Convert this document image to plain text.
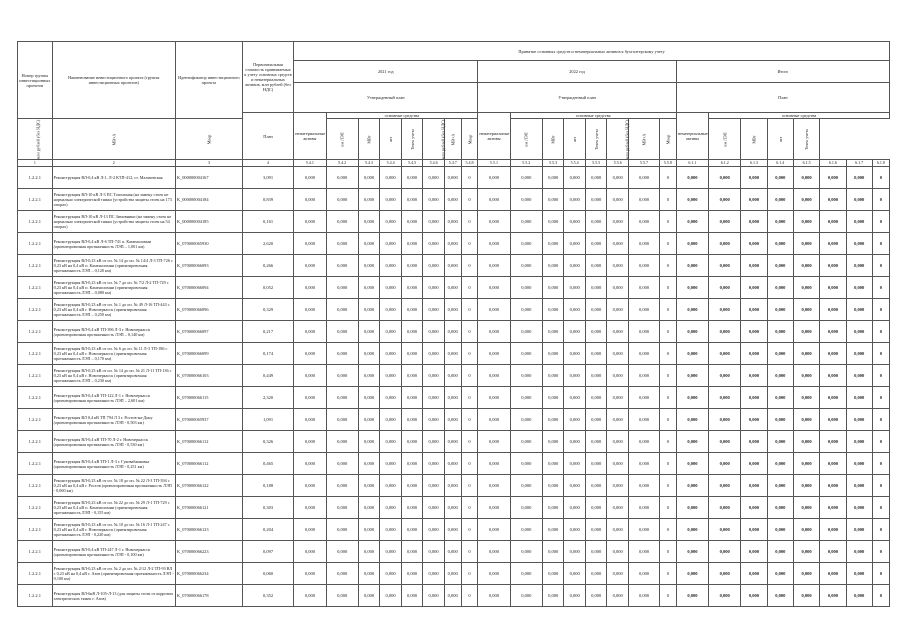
Номер группы инвестиционных проектов	Наименование инвестиционного проекта (группы инвестиционных проектов)	Идентификатор инвестиционного проекта	Первоначальная стоимость принимаемых к учету основных средств и нематериальных активов, млн рублей (без НДС)	Принятие основных средств и нематериальных активов к бухгалтерскому учету																							
				2021 год								2022 год								Итого							
				Утвержденный план								Утвержденный план								План							
			План	нематериальные активы	основные средства							нематериальные активы	основные средства							нематериальные активы	основные средства						
млн рублей (без НДС)	МВ×А	Мвар			км ЛЭП	МВт	шт	Точек учета	млн рублей (без НДС)	МВ×А	Мвар		км ЛЭП	МВт	шт	Точек учета	млн рублей (без НДС)	МВ×А	Мвар		км ЛЭП	МВт	шт	Точек учета			
1	2	3	4	5.4.1	5.4.2	5.4.3	5.4.4	5.4.5	5.4.6	5.4.7	5.4.8	5.5.1	5.5.2	5.5.3	5.5.4	5.5.5	5.5.6	5.5.7	5.5.8	6.1.1	6.1.2	6.1.3	6.1.4	6.1.5	6.1.6	6.1.7	6.1.8
1.2.2.1	Реконструкция ВЛ-0,4 кВ Л-1, Л-2 КТП-412, ст. Мальчевская	K_000000004167	3,091	0,000	0,000	0,000	0,000	0,000	0,000	0,000	0	0,000	0,000	0,000	0,000	0,000	0,000	0,000	0	0,000	0,000	0,000	0,000	0,000	0,000	0,000	0
1.2.2.1	Реконструкция ВЛ-10 кВ Л-3 ПС Тополиная (на замену стоек не нормально электрической тяжки (устройства защиты стоек на 173 опорах)	K_000000004184	0,839	0,000	0,000	0,000	0,000	0,000	0,000	0,000	0	0,000	0,000	0,000	0,000	0,000	0,000	0,000	0	0,000	0,000	0,000	0,000	0,000	0,000	0,000	0
1.2.2.1	Реконструкция ВЛ-10 кВ Л-13 ПС Зимовники (на замену стоек не нормально электрической тяжки (устройства защиты стоек на 54 опорах)	K_000000004185	0,161	0,000	0,000	0,000	0,000	0,000	0,000	0,000	0	0,000	0,000	0,000	0,000	0,000	0,000	0,000	0	0,000	0,000	0,000	0,000	0,000	0,000	0,000	0
1.2.2.1	Реконструкция ВЛ-0,4 кВ Л-6 ТП-741 п. Каменоломни (ориентировочная протяженность ЛЭП – 1,001 км)	K_070000065930	2,620	0,000	0,000	0,000	0,000	0,000	0,000	0,000	0	0,000	0,000	0,000	0,000	0,000	0,000	0,000	0	0,000	0,000	0,000	0,000	0,000	0,000	0,000	0
1.2.2.1	Реконструкция ВЛ-0,23 кВ от оп. № 14 до оп. № 14/4 Л-3 ТП-726 с 0,23 кВ на 0,4 кВ п. Каменоломни (ориентировочная протяженность ЛЭП – 0,120 км)	K_070000066093	0,266	0,000	0,000	0,000	0,000	0,000	0,000	0,000	0	0,000	0,000	0,000	0,000	0,000	0,000	0,000	0	0,000	0,000	0,000	0,000	0,000	0,000	0,000	0
1.2.2.1	Реконструкция ВЛ-0,23 кВ от оп. № 7 до оп. № 7/2 Л-2 ТП-729 с 0,23 кВ на 0,4 кВ п. Каменоломни (ориентировочная протяженность ЛЭП – 0,080 км)	K_070000066094	0,052	0,000	0,000	0,000	0,000	0,000	0,000	0,000	0	0,000	0,000	0,000	0,000	0,000	0,000	0,000	0	0,000	0,000	0,000	0,000	0,000	0,000	0,000	0
1.2.2.1	Реконструкция ВЛ-0,23 кВ от оп. № 1 до оп. № 49 Л-16 ТП-443 с 0,23 кВ на 0,4 кВ г. Новочеркасск (ориентировочная протяженность ЛЭП – 0,250 км)	K_070000066096	0,329	0,000	0,000	0,000	0,000	0,000	0,000	0,000	0	0,000	0,000	0,000	0,000	0,000	0,000	0,000	0	0,000	0,000	0,000	0,000	0,000	0,000	0,000	0
1.2.2.1	Реконструкция ВЛ-0,4 кВ ТП-396 Л-3 г. Новочеркасск (ориентировочная протяженность ЛЭП – 0,140 км)	K_070000066097	0,217	0,000	0,000	0,000	0,000	0,000	0,000	0,000	0	0,000	0,000	0,000	0,000	0,000	0,000	0,000	0	0,000	0,000	0,000	0,000	0,000	0,000	0,000	0
1.2.2.1	Реконструкция ВЛ-0,23 кВ от оп. № 6 до оп. № 11 Л-3 ТП-186 с 0,23 кВ на 0,4 кВ г. Новочеркасск (ориентировочная протяженность ЛЭП – 0,170 км)	K_070000066099	0,174	0,000	0,000	0,000	0,000	0,000	0,000	0,000	0	0,000	0,000	0,000	0,000	0,000	0,000	0,000	0	0,000	0,000	0,000	0,000	0,000	0,000	0,000	0
1.2.2.1	Реконструкция ВЛ-0,23 кВ от оп. № 14 до оп. № 21 Л-11 ТП-136 с 0,23 кВ на 0,4 кВ г. Новочеркасск (ориентировочная протяженность ЛЭП – 0,230 км)	K_070000066103	0,449	0,000	0,000	0,000	0,000	0,000	0,000	0,000	0	0,000	0,000	0,000	0,000	0,000	0,000	0,000	0	0,000	0,000	0,000	0,000	0,000	0,000	0,000	0
1.2.2.1	Реконструкция ВЛ-0,4 кВ ТП-122 Л-1 г. Новочеркасск (ориентировочная протяженность ЛЭП – 2,601 км)	K_070000066115	2,320	0,000	0,000	0,000	0,000	0,000	0,000	0,000	0	0,000	0,000	0,000	0,000	0,000	0,000	0,000	0	0,000	0,000	0,000	0,000	0,000	0,000	0,000	0
1.2.2.1	Реконструкция ВЛ 0,4 кВ ТП 794 Л 3 г. Ростов-на-Дону (ориентировочная протяженность ЛЭП - 0,503 км)	K_070000065937	1,091	0,000	0,000	0,000	0,000	0,000	0,000	0,000	0	0,000	0,000	0,000	0,000	0,000	0,000	0,000	0	0,000	0,000	0,000	0,000	0,000	0,000	0,000	0
1.2.2.1	Реконструкция ВЛ-0,4 кВ ТП-70 Л-2 г. Новочеркасск (ориентировочная протяженность ЛЭП - 0,530 км)	K_070000066112	0,326	0,000	0,000	0,000	0,000	0,000	0,000	0,000	0	0,000	0,000	0,000	0,000	0,000	0,000	0,000	0	0,000	0,000	0,000	0,000	0,000	0,000	0,000	0
1.2.2.1	Реконструкция ВЛ-0,4 кВ ТП-1 Л-3 г. Гуковабанковка (ориентировочная протяженность ЛЭП - 0,251 км)	K_070000066112	0,465	0,000	0,000	0,000	0,000	0,000	0,000	0,000	0	0,000	0,000	0,000	0,000	0,000	0,000	0,000	0	0,000	0,000	0,000	0,000	0,000	0,000	0,000	0
1.2.2.1	Реконструкция ВЛ-0,23 кВ от оп. № 18 до оп. № 22 Л-3 ТП-394 с 0,23 кВ на 0,4 кВ г. Ростов (ориентировочная протяженность ЛЭП - 0,060 км)	K_070000066122	0,188	0,000	0,000	0,000	0,000	0,000	0,000	0,000	0	0,000	0,000	0,000	0,000	0,000	0,000	0,000	0	0,000	0,000	0,000	0,000	0,000	0,000	0,000	0
1.2.2.1	Реконструкция ВЛ-0,23 кВ от оп. № 22 до оп. № 29 Л-1 ТП-729 с 0,23 кВ на 0,4 кВ п. Каменоломни (ориентировочная протяженность ЛЭП - 0,155 км)	K_070000066121	0,303	0,000	0,000	0,000	0,000	0,000	0,000	0,000	0	0,000	0,000	0,000	0,000	0,000	0,000	0,000	0	0,000	0,000	0,000	0,000	0,000	0,000	0,000	0
1.2.2.1	Реконструкция ВЛ-0,23 кВ от оп. № 10 до оп. № 16 Л-1 ТП-247 с 0,23 кВ на 0,4 кВ г. Новочеркасск (ориентировочная протяженность ЛЭП - 0,220 км)	K_070000066123	0,204	0,000	0,000	0,000	0,000	0,000	0,000	0,000	0	0,000	0,000	0,000	0,000	0,000	0,000	0,000	0	0,000	0,000	0,000	0,000	0,000	0,000	0,000	0
1.2.2.1	Реконструкция ВЛ-0,4 кВ ТП-247 Л-1 г. Новочеркасск (ориентировочная протяженность ЛЭП - 0,100 км)	K_070000066223	0,097	0,000	0,000	0,000	0,000	0,000	0,000	0,000	0	0,000	0,000	0,000	0,000	0,000	0,000	0,000	0	0,000	0,000	0,000	0,000	0,000	0,000	0,000	0
1.2.2.1	Реконструкция ВЛ-0,23 кВ от оп. № 2 до оп. № 2/12 Л-2 ТП-93 ВЛ с 0,23 кВ на 0,4 кВ г. Азов (ориентировочная протяженность ЛЭП - 0,100 км)	K_070000066234	0,060	0,000	0,000	0,000	0,000	0,000	0,000	0,000	0	0,000	0,000	0,000	0,000	0,000	0,000	0,000	0	0,000	0,000	0,000	0,000	0,000	0,000	0,000	0
1.2.2.1	Реконструкция ВЛ-6кВ Л-105-Л-13 (для защиты стоек от коррозии электрических тяжек г. Азов)	K_070000066178	0,352	0,000	0,000	0,000	0,000	0,000	0,000	0,000	0	0,000	0,000	0,000	0,000	0,000	0,000	0,000	0	0,000	0,000	0,000	0,000	0,000	0,000	0,000	0
